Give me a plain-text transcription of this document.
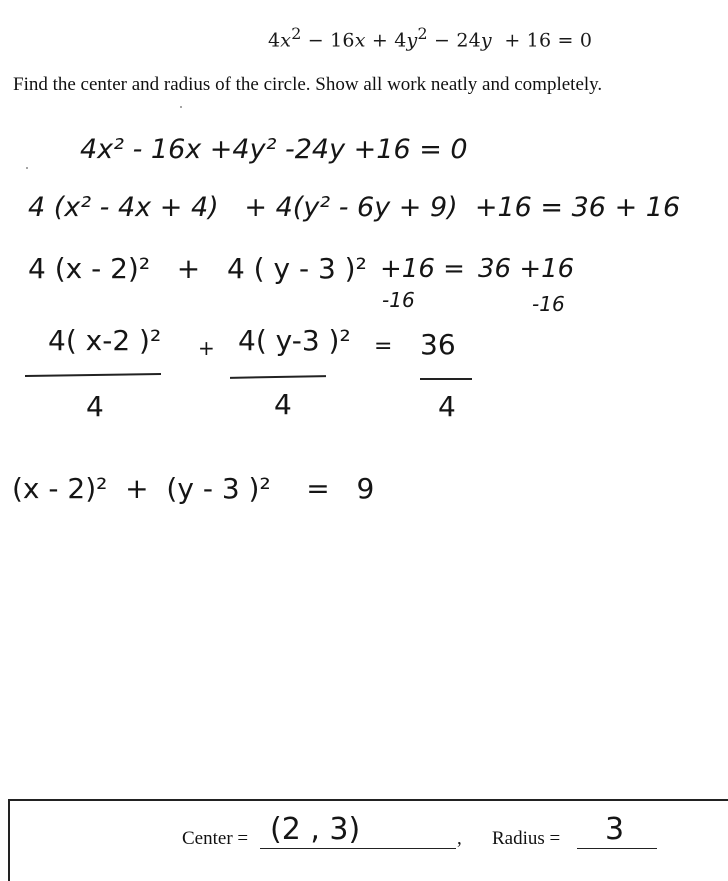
$4x^2 - 16x + 4y^2 - 24y + 16 = 0$
Find the center and radius of the circle. Show all work neatly and completely.
4x² - 16x +4y² -24y +16 = 0
4 (x² - 4x + 4)   + 4(y² - 6y + 9)  +16 = 36 + 16
4 (x - 2)²   +   4 ( y - 3 )² +16 = 36 +16
-16	-16
4( x-2 )²
4
+ 4( y-3 )²
4
= 36
4
(x - 2)²  +  (y - 3 )²    =   9
Center = (2 , 3)	, Radius = 3
